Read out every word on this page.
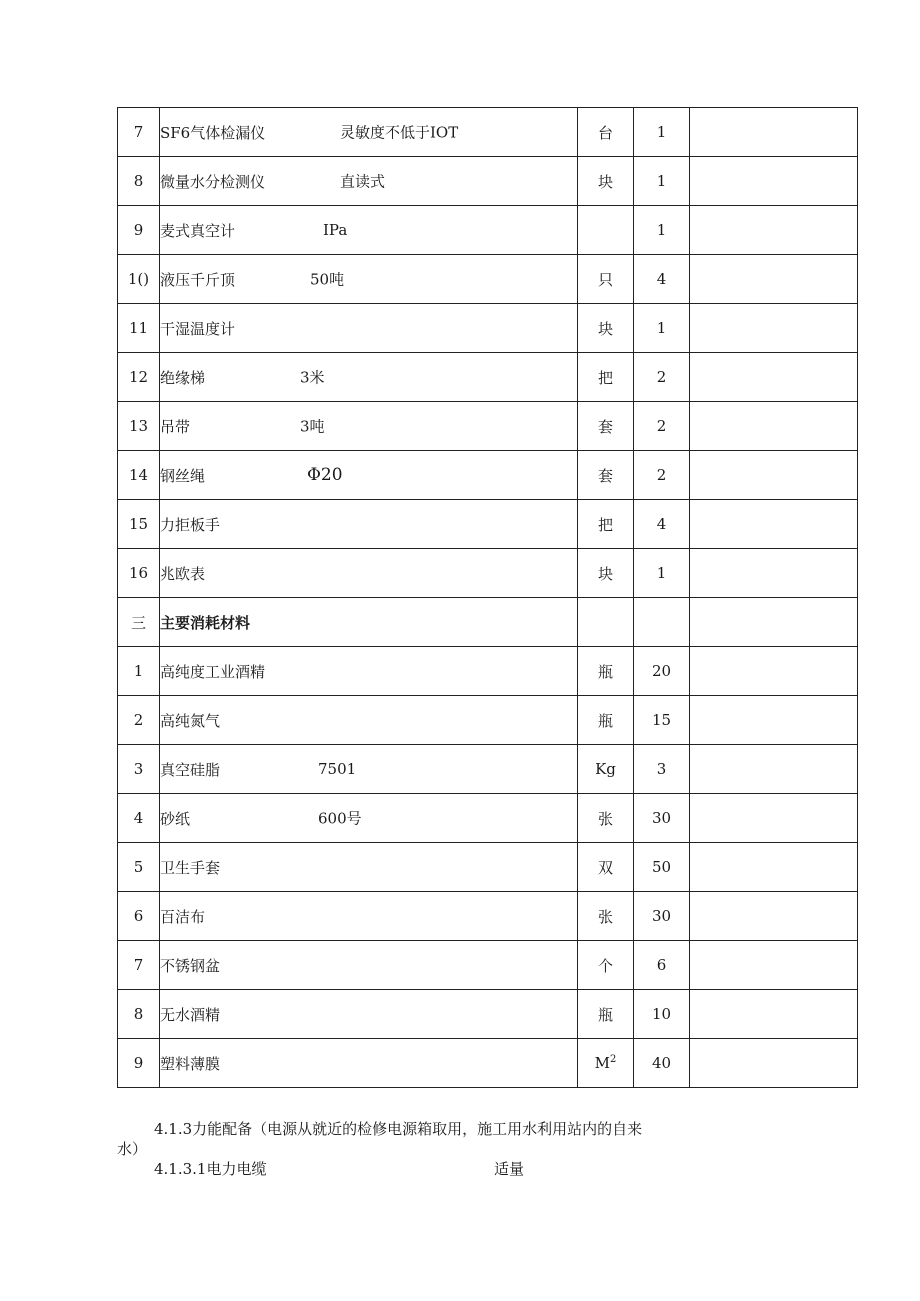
7	SF6气体检漏仪 灵敏度不低于IOT	台	1	
8	微量水分检测仪 直读式	块	1	
9	麦式真空计 IPa		1	
1()	液压千斤顶 50吨	只	4	
11	干湿温度计	块	1	
12	绝缘梯 3米	把	2	
13	吊带 3吨	套	2	
14	钢丝绳 Φ20	套	2	
15	力拒板手	把	4	
16	兆欧表	块	1	
三	主要消耗材料			
1	高纯度工业酒精	瓶	20	
2	高纯氮气	瓶	15	
3	真空硅脂 7501	Kg	3	
4	砂纸 600号	张	30	
5	卫生手套	双	50	
6	百洁布	张	30	
7	不锈钢盆	个	6	
8	无水酒精	瓶	10	
9	塑料薄膜	$M^2$	40	
4.1.3力能配备（电源从就近的检修电源箱取用，施工用水利用站内的自来
水）
4.1.3.1电力电缆	适量
